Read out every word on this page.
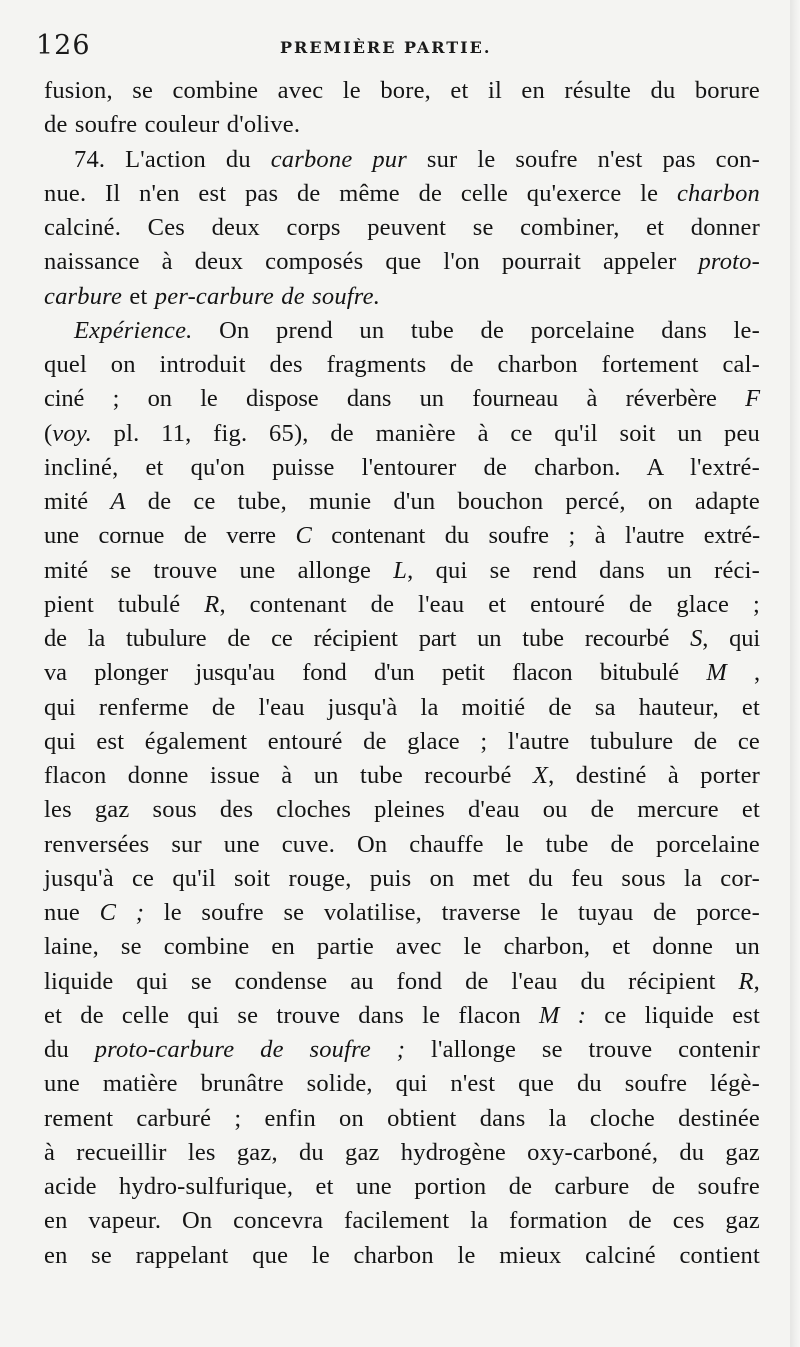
126	PREMIÈRE PARTIE.
fusion, se combine avec le bore, et il en résulte du borure
de soufre couleur d'olive.
74. L'action du carbone pur sur le soufre n'est pas con-
nue. Il n'en est pas de même de celle qu'exerce le charbon
calciné. Ces deux corps peuvent se combiner, et donner
naissance à deux composés que l'on pourrait appeler proto-
carbure et per-carbure de soufre.
Expérience. On prend un tube de porcelaine dans le-
quel on introduit des fragments de charbon fortement cal-
ciné ; on le dispose dans un fourneau à réverbère F
(voy. pl. 11, fig. 65), de manière à ce qu'il soit un peu
incliné, et qu'on puisse l'entourer de charbon. A l'extré-
mité A de ce tube, munie d'un bouchon percé, on adapte
une cornue de verre C contenant du soufre ; à l'autre extré-
mité se trouve une allonge L, qui se rend dans un réci-
pient tubulé R, contenant de l'eau et entouré de glace ;
de la tubulure de ce récipient part un tube recourbé S, qui
va plonger jusqu'au fond d'un petit flacon bitubulé M ,
qui renferme de l'eau jusqu'à la moitié de sa hauteur, et
qui est également entouré de glace ; l'autre tubulure de ce
flacon donne issue à un tube recourbé X, destiné à porter
les gaz sous des cloches pleines d'eau ou de mercure et
renversées sur une cuve. On chauffe le tube de porcelaine
jusqu'à ce qu'il soit rouge, puis on met du feu sous la cor-
nue C ; le soufre se volatilise, traverse le tuyau de porce-
laine, se combine en partie avec le charbon, et donne un
liquide qui se condense au fond de l'eau du récipient R,
et de celle qui se trouve dans le flacon M : ce liquide est
du proto-carbure de soufre ; l'allonge se trouve contenir
une matière brunâtre solide, qui n'est que du soufre légè-
rement carburé ; enfin on obtient dans la cloche destinée
à recueillir les gaz, du gaz hydrogène oxy-carboné, du gaz
acide hydro-sulfurique, et une portion de carbure de soufre
en vapeur. On concevra facilement la formation de ces gaz
en se rappelant que le charbon le mieux calciné contient
